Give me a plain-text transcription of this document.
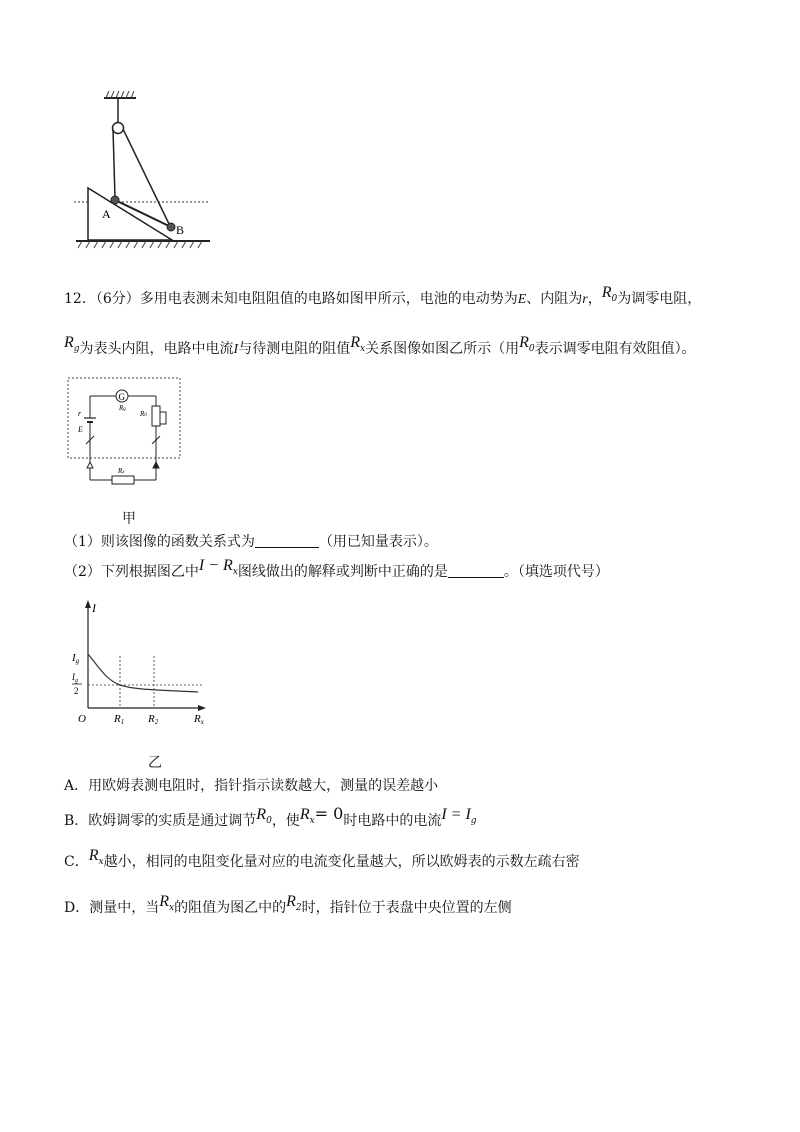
A
B
12．（6分）多用电表测未知电阻阻值的电路如图甲所示，电池的电动势为E、内阻为r，$R_0$为调零电阻，
$R_g$为表头内阻，电路中电流I与待测电阻的阻值$R_x$关系图像如图乙所示（用$R_0$表示调零电阻有效阻值）。
G
Rg
r
E
R0
Rx
甲
（1）则该图像的函数关系式为	（用已知量表示）。
（2）下列根据图乙中$I - R_x$图线做出的解释或判断中正确的是	。（填选项代号）
I
Ig
$I_g$
2
O	R1 R2	Rx
乙
A．用欧姆表测电阻时，指针指示读数越大，测量的误差越小
B．欧姆调零的实质是通过调节$R_0$，使$R_x= 0$时电路中的电流$I = I_g$
C．$R_x$越小，相同的电阻变化量对应的电流变化量越大，所以欧姆表的示数左疏右密
D．测量中，当$R_x$的阻值为图乙中的$R_2$时，指针位于表盘中央位置的左侧
